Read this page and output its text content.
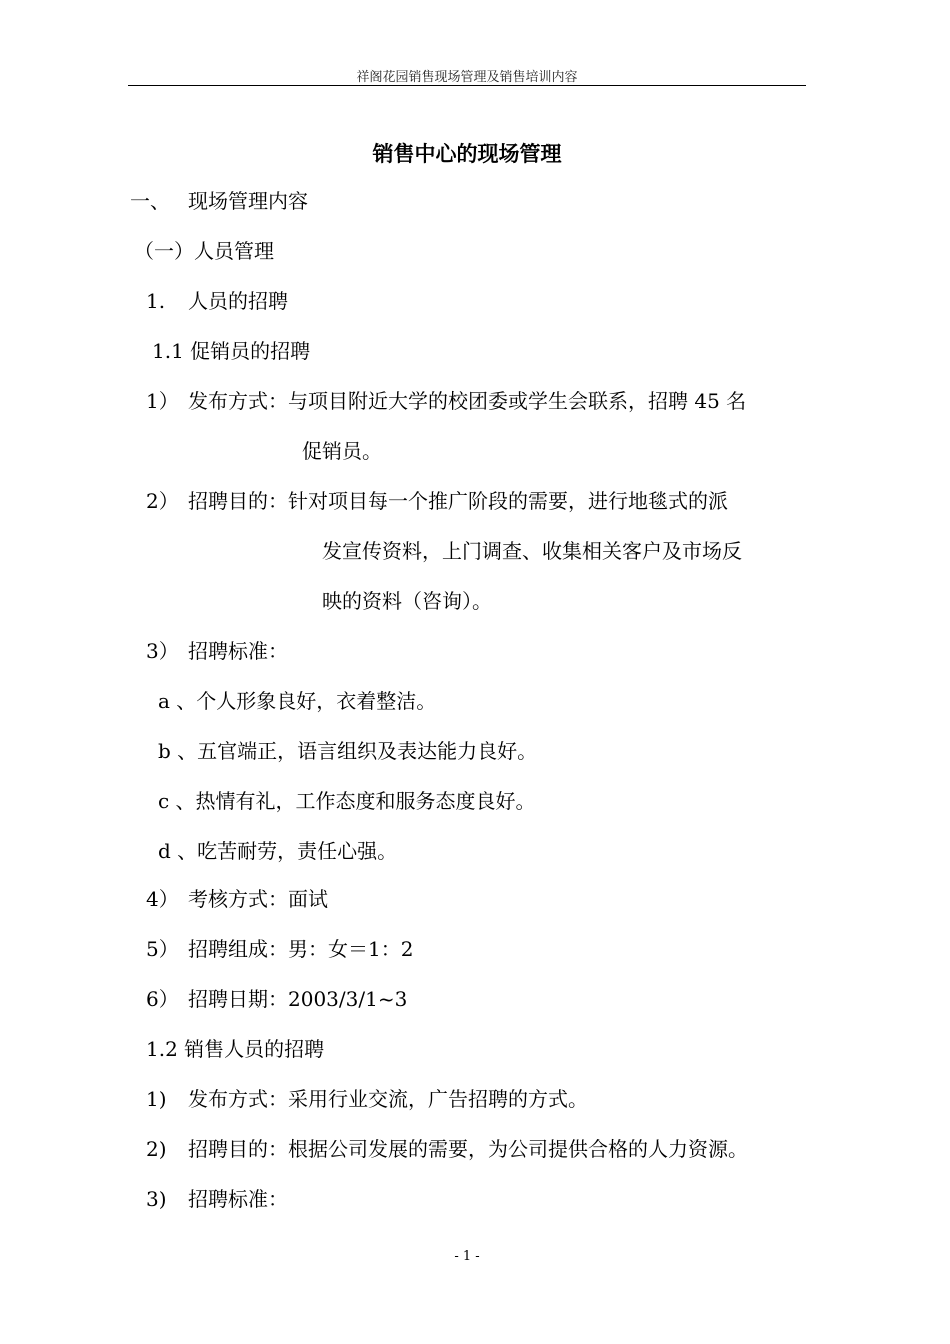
祥阁花园销售现场管理及销售培训内容
销售中心的现场管理
一、 现场管理内容
（一）人员管理
1. 人员的招聘
1.1 促销员的招聘
1） 发布方式：与项目附近大学的校团委或学生会联系，招聘 45 名
促销员。
2） 招聘目的：针对项目每一个推广阶段的需要，进行地毯式的派
发宣传资料，上门调查、收集相关客户及市场反
映的资料（咨询）。
3） 招聘标准：
a 、个人形象良好，衣着整洁。
b 、五官端正，语言组织及表达能力良好。
c 、热情有礼，工作态度和服务态度良好。
d 、吃苦耐劳，责任心强。
4） 考核方式：面试
5） 招聘组成：男：女＝1：2
6） 招聘日期：2003/3/1~3
1.2 销售人员的招聘
1) 发布方式：采用行业交流，广告招聘的方式。
2) 招聘目的：根据公司发展的需要，为公司提供合格的人力资源。
3) 招聘标准：
- 1 -
